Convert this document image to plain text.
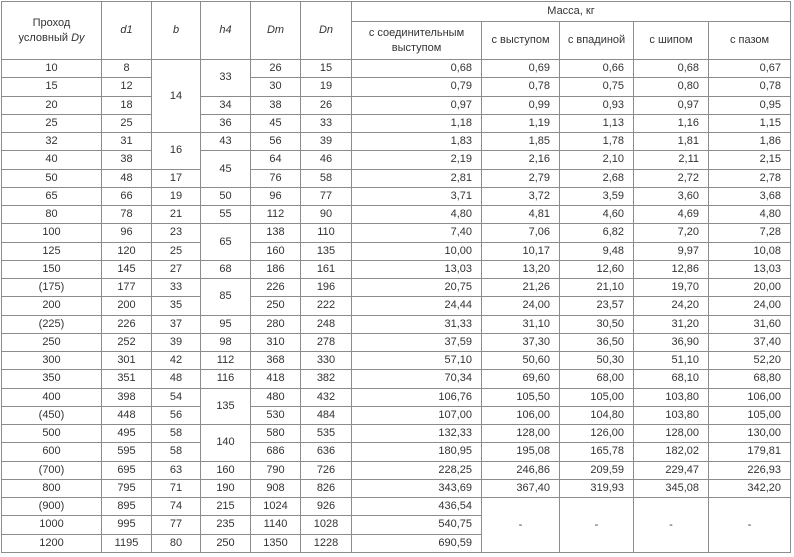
Проход
условный Dy	d1	b	h4	Dm	Dn	Масса, кг				
						с соединительным выступом	с выступом	с впадиной	с шипом	с пазом
10	8	14	33	26	15	0,68	0,69	0,66	0,68	0,67
15	12			30	19	0,79	0,78	0,75	0,80	0,78
20	18		34	38	26	0,97	0,99	0,93	0,97	0,95
25	25		36	45	33	1,18	1,19	1,13	1,16	1,15
32	31	16	43	56	39	1,83	1,85	1,78	1,81	1,86
40	38		45	64	46	2,19	2,16	2,10	2,11	2,15
50	48	17		76	58	2,81	2,79	2,68	2,72	2,78
65	66	19	50	96	77	3,71	3,72	3,59	3,60	3,68
80	78	21	55	112	90	4,80	4,81	4,60	4,69	4,80
100	96	23	65	138	110	7,40	7,06	6,82	7,20	7,28
125	120	25		160	135	10,00	10,17	9,48	9,97	10,08
150	145	27	68	186	161	13,03	13,20	12,60	12,86	13,03
(175)	177	33	85	226	196	20,75	21,26	21,10	19,70	20,00
200	200	35		250	222	24,44	24,00	23,57	24,20	24,00
(225)	226	37	95	280	248	31,33	31,10	30,50	31,20	31,60
250	252	39	98	310	278	37,59	37,30	36,50	36,90	37,40
300	301	42	112	368	330	57,10	50,60	50,30	51,10	52,20
350	351	48	116	418	382	70,34	69,60	68,00	68,10	68,80
400	398	54	135	480	432	106,76	105,50	105,00	103,80	106,00
(450)	448	56		530	484	107,00	106,00	104,80	103,80	105,00
500	495	58	140	580	535	132,33	128,00	126,00	128,00	130,00
600	595	58		686	636	180,95	195,08	165,78	182,02	179,81
(700)	695	63	160	790	726	228,25	246,86	209,59	229,47	226,93
800	795	71	190	908	826	343,69	367,40	319,93	345,08	342,20
(900)	895	74	215	1024	926	436,54	-	-	-	-
1000	995	77	235	1140	1028	540,75				
1200	1195	80	250	1350	1228	690,59				
